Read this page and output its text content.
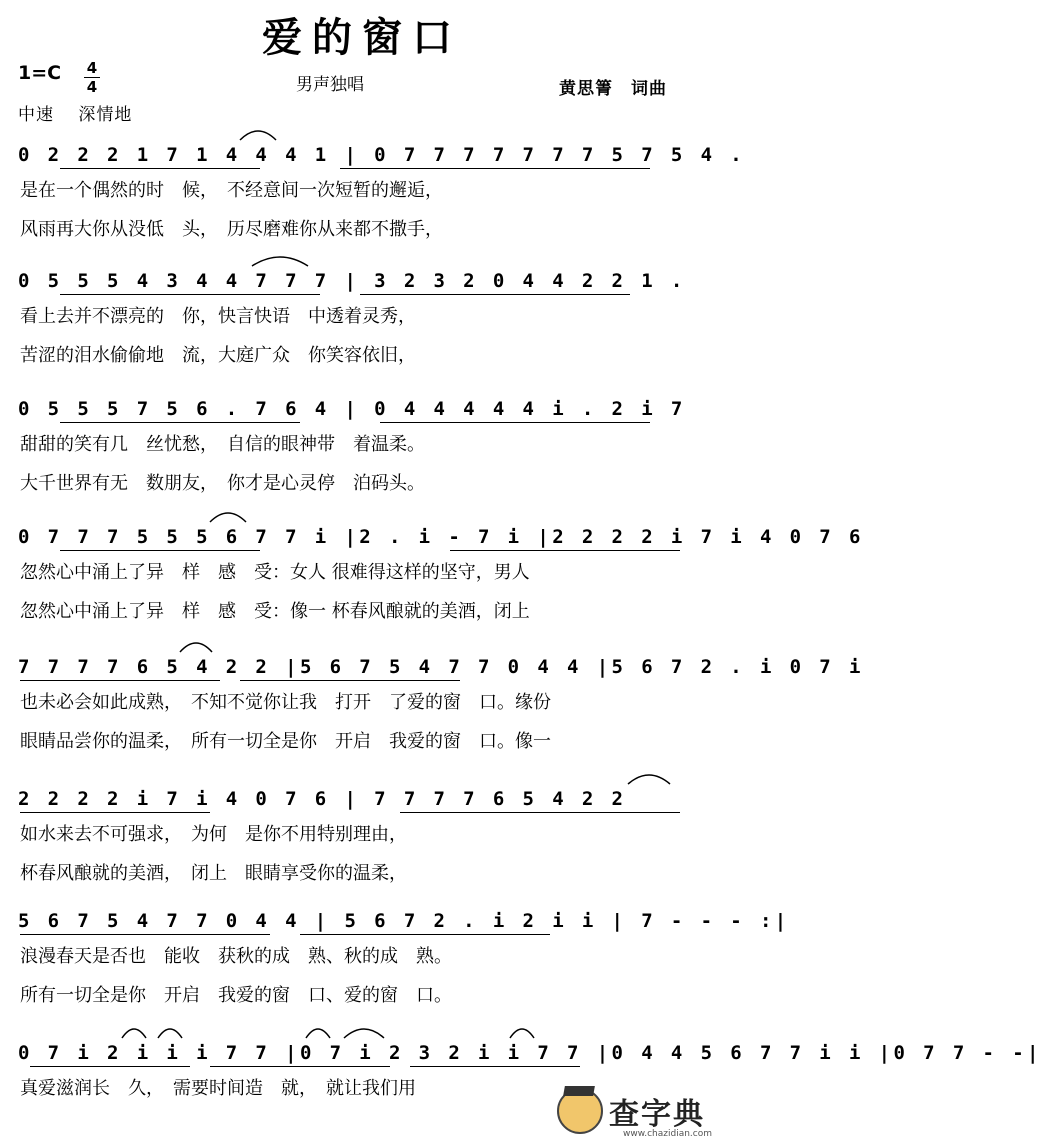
爱的窗口
1=C 4
4	男声独唱	黄思箐　词曲
中速 深情地
0 2 2 2 1 7 1 4 4 4 1 | 0 7 7 7 7 7 7 7 5 7 5 4 .
是在一个偶然的时　候，　不经意间一次短暂的邂逅，
风雨再大你从没低　头，　历尽磨难你从来都不撒手，
0 5 5 5 4 3 4 4 7 7 7 | 3 2 3 2 0 4 4 2 2 1 .
看上去并不漂亮的　你，快言快语　中透着灵秀，
苦涩的泪水偷偷地　流，大庭广众　你笑容依旧，
0 5 5 5 7 5 6 . 7 6 4 | 0 4 4 4 4 4 i . 2 i 7
甜甜的笑有几　丝忧愁，　自信的眼神带　着温柔。
大千世界有无　数朋友，　你才是心灵停　泊码头。
0 7 7 7 5 5 5 6 7 7 i |2 . i - 7 i |2 2 2 2 i 7 i 4 0 7 6
忽然心中涌上了异　样　感　受：女人 很难得这样的坚守，男人
忽然心中涌上了异　样　感　受：像一 杯春风酿就的美酒，闭上
7 7 7 7 6 5 4 2 2 |5 6 7 5 4 7 7 0 4 4 |5 6 7 2 . i 0 7 i
也未必会如此成熟，　不知不觉你让我　打开　了爱的窗　口。缘份
眼睛品尝你的温柔，　所有一切全是你　开启　我爱的窗　口。像一
2 2 2 2 i 7 i 4 0 7 6 | 7 7 7 7 6 5 4 2 2
如水来去不可强求，　为何　是你不用特别理由，
杯春风酿就的美酒，　闭上　眼睛享受你的温柔，
5 6 7 5 4 7 7 0 4 4 | 5 6 7 2 . i 2 i i | 7 - - - :|
浪漫春天是否也　能收　获秋的成　熟、秋的成　熟。
所有一切全是你　开启　我爱的窗　口、爱的窗　口。
0 7 i 2 i i i 7 7 |0 7 i 2 3 2 i i 7 7 |0 4 4 5 6 7 7 i i |0 7 7 - -|
真爱滋润长　久，　需要时间造　就，　就让我们用　
查字典
www.chazidian.com
